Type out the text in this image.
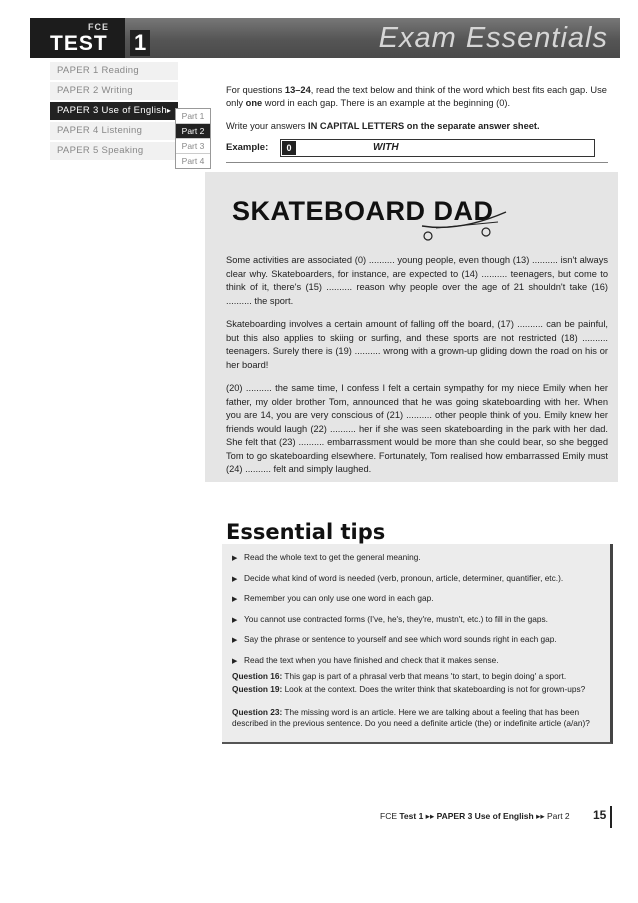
FCE
TEST 1	Exam Essentials
PAPER 1 Reading
PAPER 2 Writing
PAPER 3 Use of English▸
PAPER 4 Listening
PAPER 5 Speaking
Part 1
Part 2
Part 3
Part 4

For questions 13–24, read the text below and think of the word which best fits each gap. Use only one word in each gap. There is an example at the beginning (0).

Write your answers IN CAPITAL LETTERS on the separate answer sheet.

Example:	0	WITH
SKATEBOARD DAD

Some activities are associated (0) .......... young people, even though (13) .......... isn't always clear why. Skateboarders, for instance, are expected to (14) .......... teenagers, but come to think of it, there's (15) .......... reason why people over the age of 21 shouldn't take (16) .......... the sport.

Skateboarding involves a certain amount of falling off the board, (17) .......... can be painful, but this also applies to skiing or surfing, and these sports are not restricted (18) .......... teenagers. Surely there is (19) .......... wrong with a grown-up gliding down the road on his or her board!

(20) .......... the same time, I confess I felt a certain sympathy for my niece Emily when her father, my older brother Tom, announced that he was going skateboarding with her. When you are 14, you are very conscious of (21) .......... other people think of you. Emily knew her friends would laugh (22) .......... her if she was seen skateboarding in the park with her dad. She felt that (23) .......... embarrassment would be more than she could bear, so she begged Tom to go skateboarding elsewhere. Fortunately, Tom realised how embarrassed Emily must (24) .......... felt and simply laughed.

Essential tips
▶ Read the whole text to get the general meaning.
▶ Decide what kind of word is needed (verb, pronoun, article, determiner, quantifier, etc.).
▶ Remember you can only use one word in each gap.
▶ You cannot use contracted forms (I've, he's, they're, mustn't, etc.) to fill in the gaps.
▶ Say the phrase or sentence to yourself and see which word sounds right in each gap.
▶ Read the text when you have finished and check that it makes sense.
Question 16: This gap is part of a phrasal verb that means 'to start, to begin doing' a sport.
Question 19: Look at the context. Does the writer think that skateboarding is not for grown-ups?
Question 23: The missing word is an article. Here we are talking about a feeling that has been described in the previous sentence. Do you need a definite article (the) or indefinite article (a/an)?
FCE Test 1 ▸▸ PAPER 3 Use of English ▸▸ Part 2 15
